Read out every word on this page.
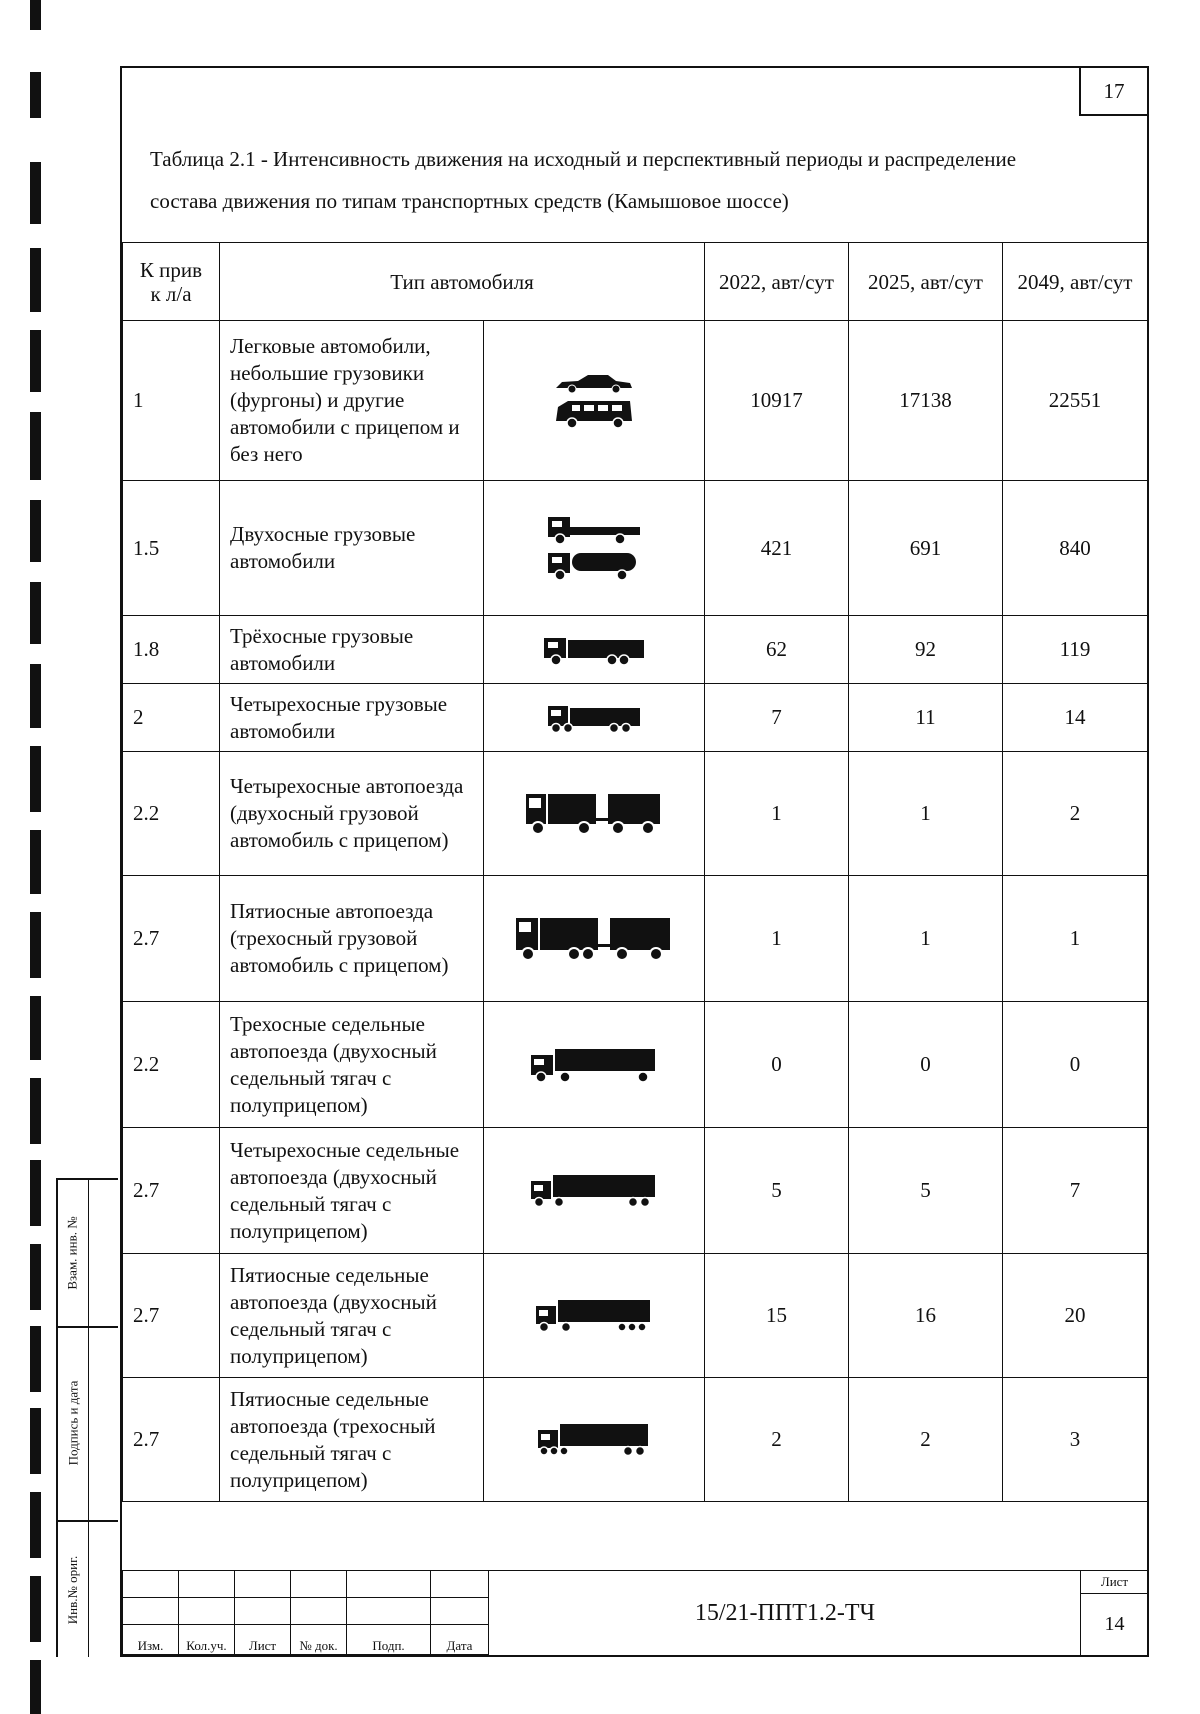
Взам. инв. №
Подпись и дата
Инв.№ ориг.
17
Таблица 2.1 - Интенсивность движения на исходный и перспективный периоды и распределение
состава движения по типам транспортных средств (Камышовое шоссе)
К прив к л/а	Тип автомобиля		2022, авт/сут	2025, авт/сут	2049, авт/сут
1	Легковые автомобили, небольшие грузовики (фургоны) и другие автомобили с прицепом и без него		10917	17138	22551
1.5	Двухосные грузовые автомобили		421	691	840
1.8	Трёхосные грузовые автомобили		62	92	119
2	Четырехосные грузовые автомобили		7	11	14
2.2	Четырехосные автопоезда (двухосный грузовой автомобиль с прицепом)		1	1	2
2.7	Пятиосные автопоезда (трехосный грузовой автомобиль с прицепом)		1	1	1
2.2	Трехосные седельные автопоезда (двухосный седельный тягач с полуприцепом)		0	0	0
2.7	Четырехосные седельные автопоезда (двухосный седельный тягач с полуприцепом)		5	5	7
2.7	Пятиосные седельные автопоезда (двухосный седельный тягач с полуприцепом)		15	16	20
2.7	Пятиосные седельные автопоезда (трехосный седельный тягач с полуприцепом)		2	2	3

Изм.	Кол.уч.	Лист	№ док.	Подп.	Дата
15/21-ППТ1.2-ТЧ
Лист
14
